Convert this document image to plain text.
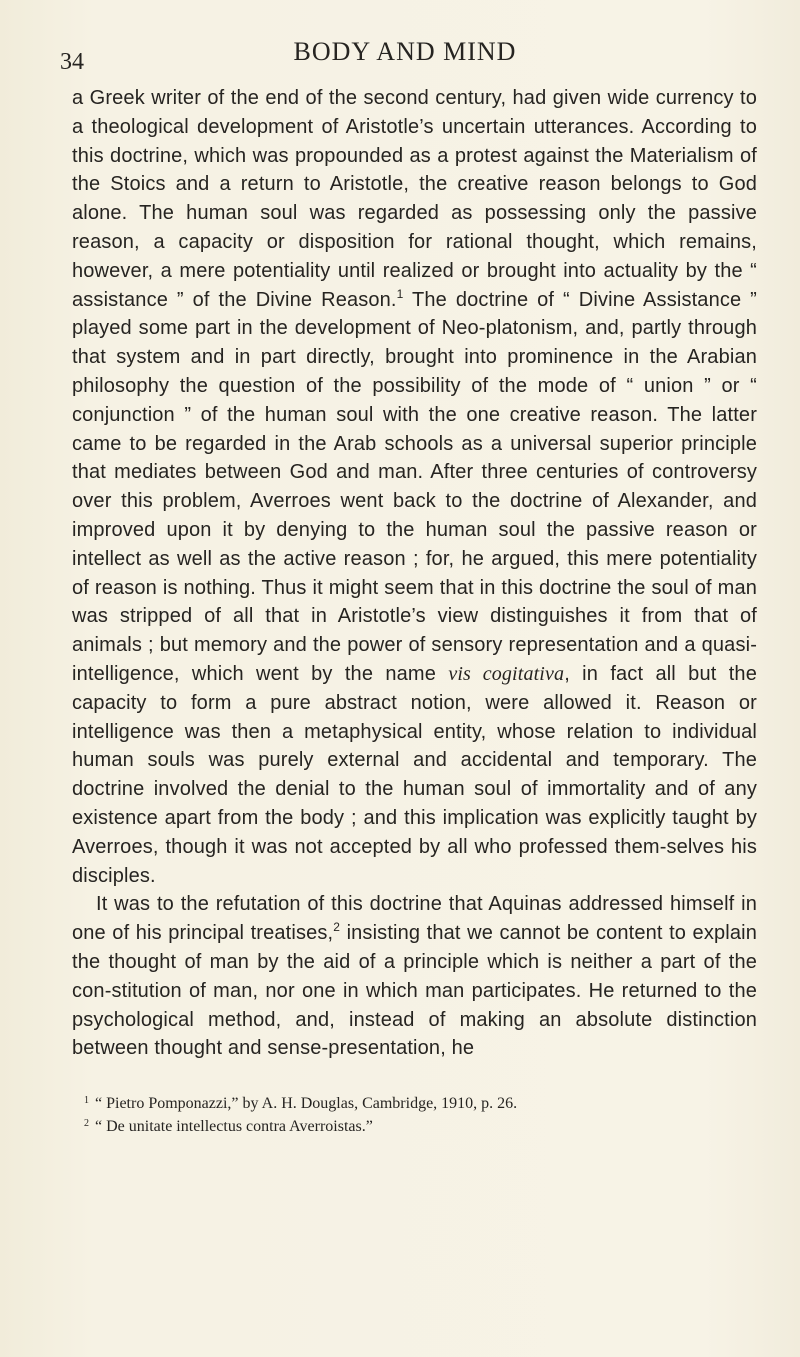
34	BODY AND MIND

a Greek writer of the end of the second century, had given wide currency to a theological development of Aristotle’s uncertain utterances. According to this doctrine, which was propounded as a protest against the Materialism of the Stoics and a return to Aristotle, the creative reason belongs to God alone. The human soul was regarded as possessing only the passive reason, a capacity or disposition for rational thought, which remains, however, a mere potentiality until realized or brought into actuality by the “ assistance ” of the Divine Reason.$^1$ The doctrine of “ Divine Assistance ” played some part in the development of Neo-platonism, and, partly through that system and in part directly, brought into prominence in the Arabian philosophy the question of the possibility of the mode of “ union ” or “ conjunction ” of the human soul with the one creative reason. The latter came to be regarded in the Arab schools as a universal superior principle that mediates between God and man. After three centuries of controversy over this problem, Averroes went back to the doctrine of Alexander, and improved upon it by denying to the human soul the passive reason or intellect as well as the active reason ; for, he argued, this mere potentiality of reason is nothing. Thus it might seem that in this doctrine the soul of man was stripped of all that in Aristotle’s view distinguishes it from that of animals ; but memory and the power of sensory representation and a quasi-intelligence, which went by the name vis cogitativa, in fact all but the capacity to form a pure abstract notion, were allowed it. Reason or intelligence was then a metaphysical entity, whose relation to individual human souls was purely external and accidental and temporary. The doctrine involved the denial to the human soul of immortality and of any existence apart from the body ; and this implication was explicitly taught by Averroes, though it was not accepted by all who professed them-selves his disciples.

It was to the refutation of this doctrine that Aquinas addressed himself in one of his principal treatises,$^2$ insisting that we cannot be content to explain the thought of man by the aid of a principle which is neither a part of the con-stitution of man, nor one in which man participates. He returned to the psychological method, and, instead of making an absolute distinction between thought and sense-presentation, he

$^1$ “ Pietro Pomponazzi,” by A. H. Douglas, Cambridge, 1910, p. 26.
$^2$ “ De unitate intellectus contra Averroistas.”
